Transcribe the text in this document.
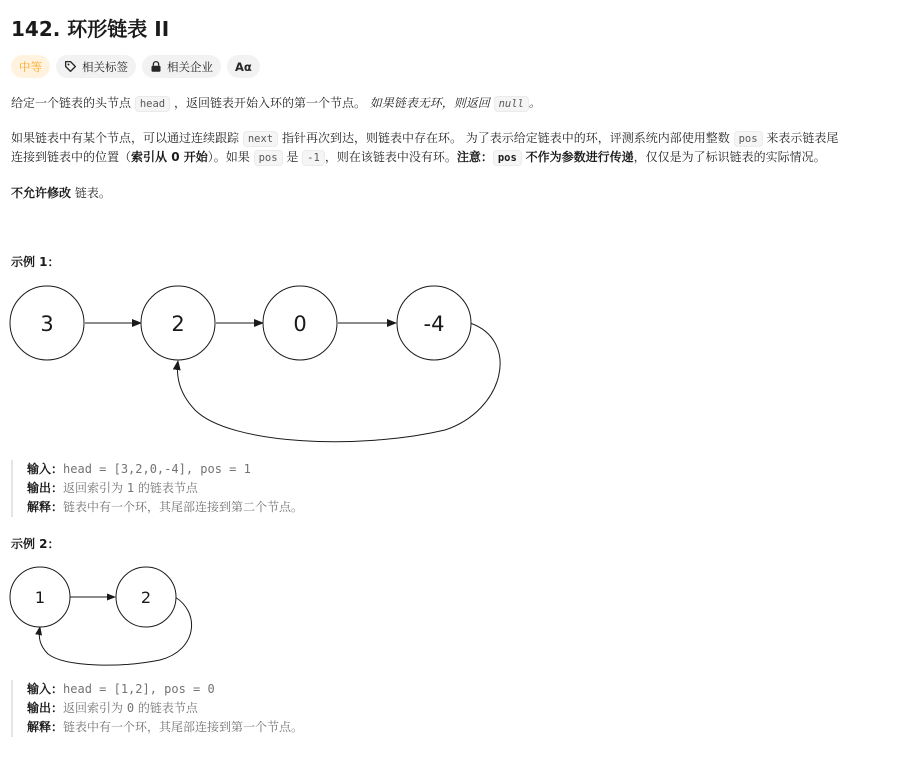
142. 环形链表 II
中等	相关标签	相关企业	Aα
给定一个链表的头节点 head ，返回链表开始入环的第一个节点。 如果链表无环，则返回 null 。
如果链表中有某个节点，可以通过连续跟踪 next 指针再次到达，则链表中存在环。 为了表示给定链表中的环，评测系统内部使用整数 pos 来表示链表尾
连接到链表中的位置（索引从 0 开始）。如果 pos 是 -1 ，则在该链表中没有环。注意： pos 不作为参数进行传递，仅仅是为了标识链表的实际情况。
不允许修改 链表。
示例 1：
3	2	0	-4
输入：head = [3,2,0,-4], pos = 1
输出：返回索引为 1 的链表节点
解释：链表中有一个环，其尾部连接到第二个节点。
示例 2：
1	2
输入：head = [1,2], pos = 0
输出：返回索引为 0 的链表节点
解释：链表中有一个环，其尾部连接到第一个节点。
